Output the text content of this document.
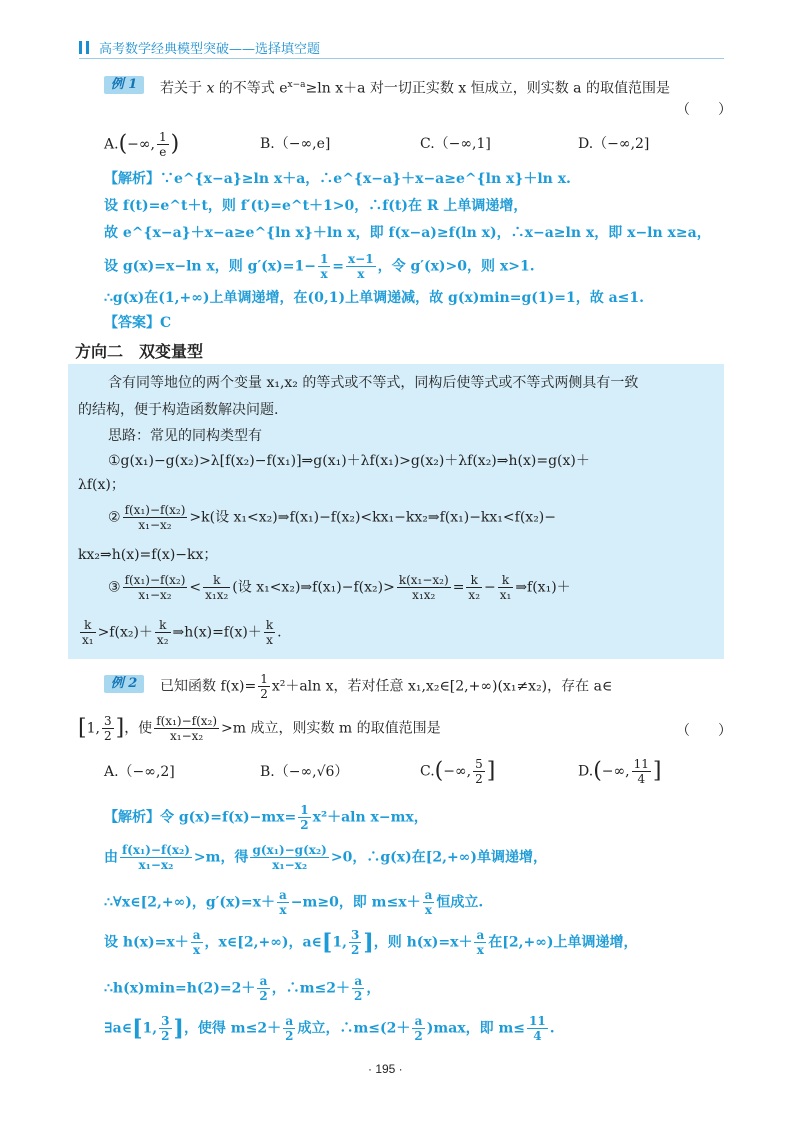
高考数学经典模型突破——选择填空题
例 1	若关于 x 的不等式 $e^{x-a}\ge\ln$ x＋a 对一切正实数 x 恒成立，则实数 a 的取值范围是
（　　）
A.(−∞, $\frac{1}{e}$ )	B.（−∞,e]	C.（−∞,1]	D.（−∞,2]
【解析】∵e^{x−a}≥ln x＋a，∴e^{x−a}＋x−a≥e^{ln x}＋ln x.
设 f(t)=e^t＋t，则 f′(t)=e^t＋1>0，∴f(t)在 R 上单调递增，
故 e^{x−a}＋x−a≥e^{ln x}＋ln x，即 f(x−a)≥f(ln x)，∴x−a≥ln x，即 x−ln x≥a，
设 g(x)=x−ln x，则 $g'(x)=1- \frac{1}{x} = \frac{x-1}{x}$ ，令 g′(x)>0，则 x>1.
∴g(x)在(1,+∞)上单调递增，在(0,1)上单调递减，故 g(x)min=g(1)=1，故 a≤1.
【答案】C
方向二　双变量型
含有同等地位的两个变量 x₁,x₂ 的等式或不等式，同构后使等式或不等式两侧具有一致
的结构，便于构造函数解决问题.
思路：常见的同构类型有
①g(x₁)−g(x₂)>λ[f(x₂)−f(x₁)]⇒g(x₁)＋λf(x₁)>g(x₂)＋λf(x₂)⇒h(x)=g(x)＋
λf(x)；
② $\frac{\text{f(x₁)−f(x₂)}}{\text{x₁−x₂}} >k$(设 x₁<x₂)⇒f(x₁)−f(x₂)<kx₁−kx₂⇒f(x₁)−kx₁<f(x₂)−
kx₂⇒h(x)=f(x)−kx；
③ $\frac{\text{f(x₁)−f(x₂)}}{\text{x₁−x₂}} < \frac{k}{\text{x₁x₂}}$ (设 x₁<x₂)⇒f(x₁)−f(x₂)> $\frac{\text{k(x₁−x₂)}}{\text{x₁x₂}} = \frac{k}{\text{x₂}} - \frac{k}{\text{x₁}}$ ⇒f(x₁)＋
$\frac{k}{\text{x₁}} >f(x_2)+ \frac{k}{\text{x₂}}$ ⇒h(x)=f(x)＋ $\frac{k}{x}$ .
例 2	已知函数 $f(x)= \frac{1}{2} x^2+aln$ x，若对任意 x₁,x₂∈[2,+∞)(x₁≠x₂)，存在 a∈
[1, $\frac{3}{2}$ ]，使 $\frac{\text{f(x₁)−f(x₂)}}{\text{x₁−x₂}} >m$ 成立，则实数 m 的取值范围是	（　　）
A.（−∞,2]	B.（−∞,√6）	C.(−∞, $\frac{5}{2}$ ]	D.(−∞, $\frac{11}{4}$ ]
【解析】令 $g(x)=f(x)-mx= \frac{1}{2} x^2+aln$ x−mx，
由 $\frac{\text{f(x₁)−f(x₂)}}{\text{x₁−x₂}} >m$，得 $\frac{\text{g(x₁)−g(x₂)}}{\text{x₁−x₂}} >0$，∴g(x)在[2,+∞)单调递增，
∴∀x∈[2,+∞)，$g'(x)=x+ \frac{a}{x} -m\ge 0$，即 $m\le x+ \frac{a}{x}$ 恒成立.
设 $h(x)=x+ \frac{a}{x}$ ，x∈[2,+∞)，a∈[1, $\frac{3}{2}$ ]，则 $h(x)=x+ \frac{a}{x}$ 在[2,+∞)上单调递增，
∴h(x)min=h(2)=2＋ $\frac{a}{2}$ ，∴m≤2＋ $\frac{a}{2}$ ，
∃a∈[1, $\frac{3}{2}$ ]，使得 $m\le 2+ \frac{a}{2}$ 成立，∴m≤(2＋ $\frac{a}{2} )\max$，即 $m\le \frac{11}{4}$ .
· 195 ·
